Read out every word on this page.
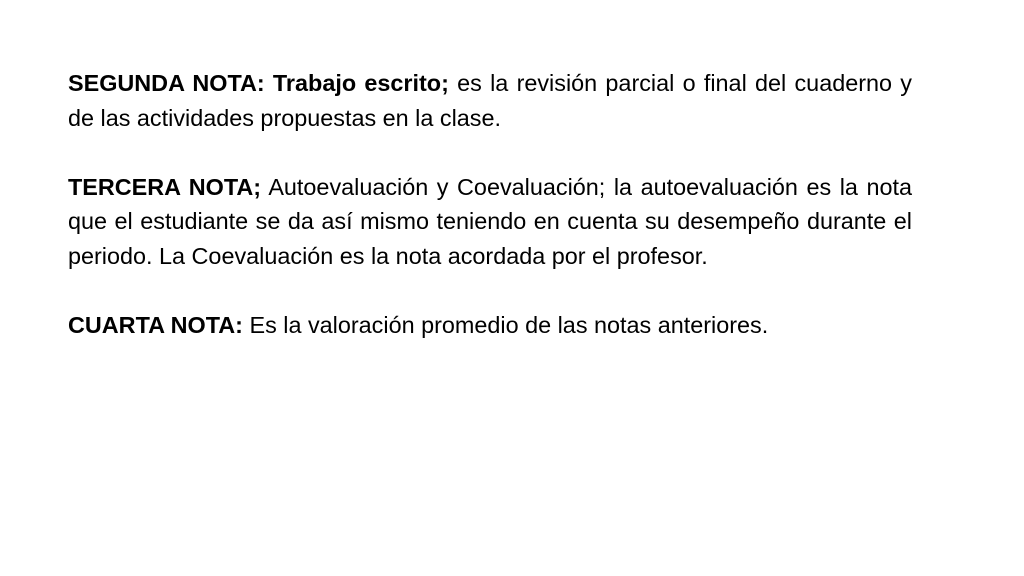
SEGUNDA NOTA: Trabajo escrito; es la revisión parcial o final del cuaderno y de las actividades propuestas en la clase.

TERCERA NOTA; Autoevaluación y Coevaluación; la autoevaluación es la nota que el estudiante se da así mismo teniendo en cuenta su desempeño durante el periodo. La Coevaluación es la nota acordada por el profesor.

CUARTA NOTA: Es la valoración promedio de las notas anteriores.
